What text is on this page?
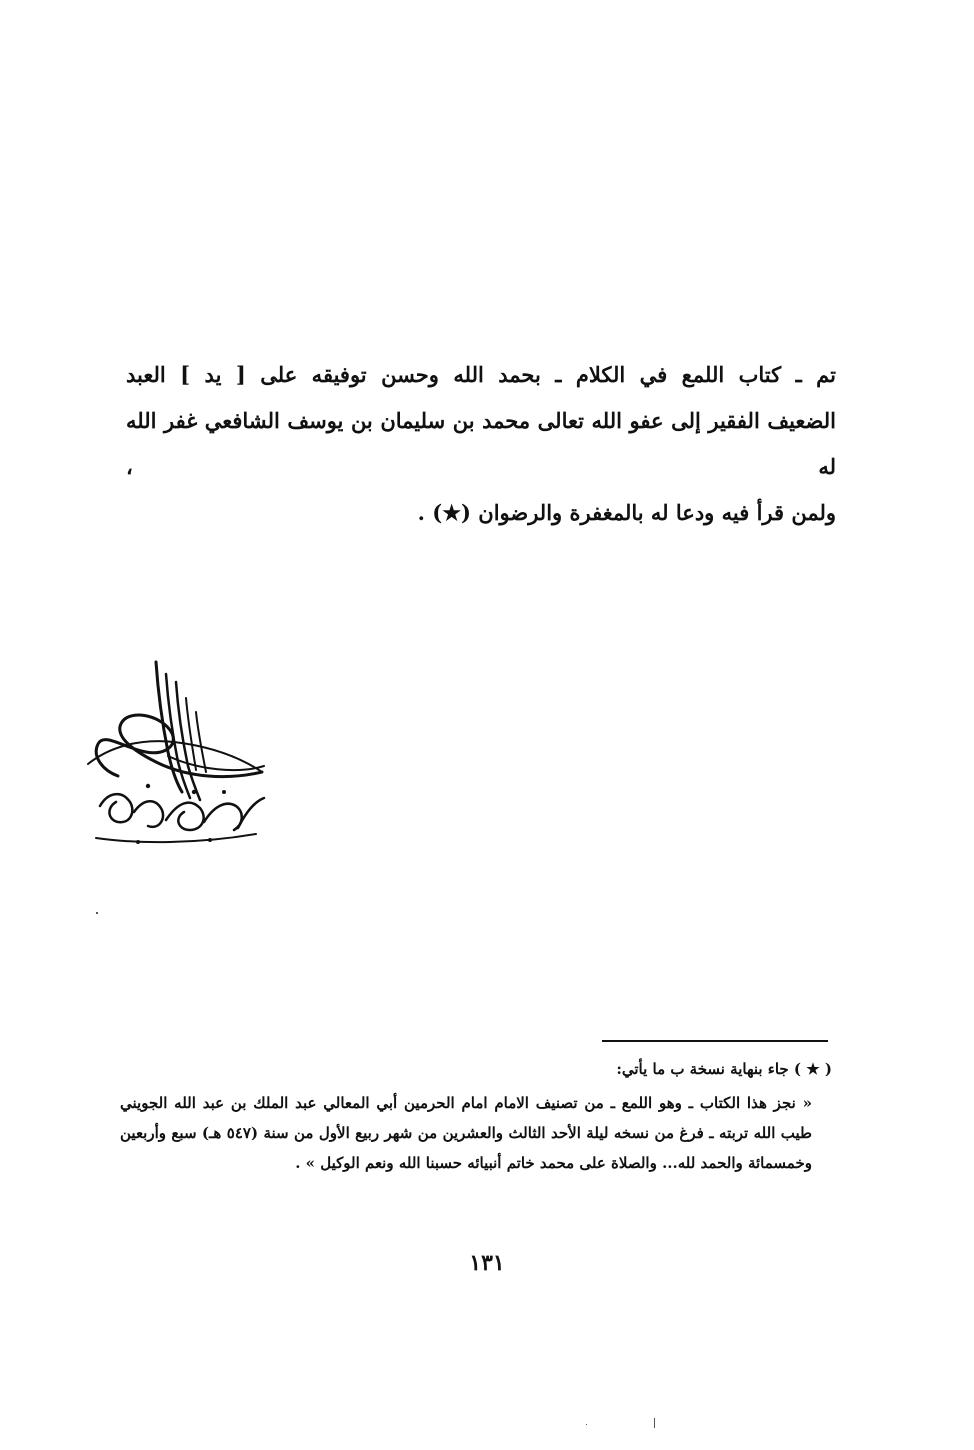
تم ـ كتاب اللمع في الكلام ـ بحمد الله وحسن توفيقه على [ يد ] العبد

الضعيف الفقير إلى عفو الله تعالى محمد بن سليمان بن يوسف الشافعي غفر الله له ،

ولمن قرأ فيه ودعا له بالمغفرة والرضوان (★) .

( ★ ) جاء بنهاية نسخة ب ما يأتي:

« نجز هذا الكتاب ـ وهو اللمع ـ من تصنيف الامام امام الحرمين أبي المعالي عبد الملك بن عبد الله الجويني طيب الله تربته ـ فرغ من نسخه ليلة الأحد الثالث والعشرين من شهر ربيع الأول من سنة (٥٤٧ هـ) سبع وأربعين وخمسمائة والحمد لله... والصلاة على محمد خاتم أنبيائه حسبنا الله ونعم الوكيل » .

١٣١
